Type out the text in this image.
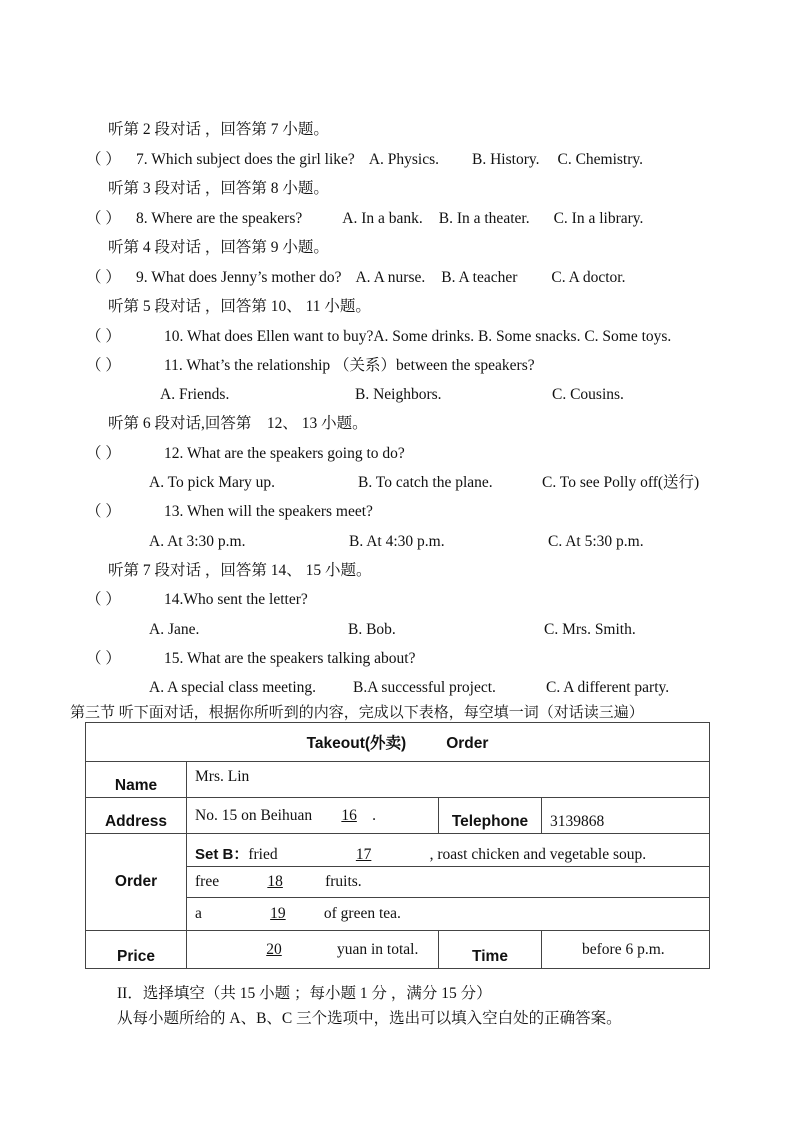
听第 2 段对话 ，回答第 7 小题。
（ ） 7. Which subject does the girl like? A. Physics. B. History. C. Chemistry.
听第 3 段对话 ，回答第 8 小题。
（ ） 8. Where are the speakers?	A. In a bank. B. In a theater. C. In a library.
听第 4 段对话 ，回答第 9 小题。
（ ） 9. What does Jenny’s mother do? A. A nurse. B. A teacher C. A doctor.
听第 5 段对话 ，回答第 10、 11 小题。
（ ）	10. What does Ellen want to buy?A. Some drinks. B. Some snacks. C. Some toys.
（ ）	11. What’s the relationship （关系）between the speakers?
A. Friends.	B. Neighbors.	C. Cousins.
听第 6 段对话,回答第　12、 13 小题。
（ ）	12. What are the speakers going to do?
A. To pick Mary up.	B. To catch the plane.	C. To see Polly off(送行)
（ ）	13. When will the speakers meet?
A. At 3:30 p.m.	B. At 4:30 p.m.	C. At 5:30 p.m.
听第 7 段对话 ，回答第 14、 15 小题。
（ ）	14.Who sent the letter?
A. Jane.	B. Bob.	C. Mrs. Smith.
（ ）	15. What are the speakers talking about?
A. A special class meeting. B.A successful project.	C. A different party.
第三节 听下面对话，根据你所听到的内容，完成以下表格，每空填一词（对话读三遍）
Takeout(外卖) Order			
Name	Mrs. Lin		
Address	No. 15 on Beihuan 16 .	Telephone	3139868
Order	Set B：fried 17 , roast chicken and vegetable soup.		
	free 18 fruits.		
	a 19 of green tea.		
Price	20 yuan in total.	Time	before 6 p.m.
II．选择填空（共 15 小题 ；每小题 1 分 ，满分 15 分）
从每小题所给的 A、B、C 三个选项中，选出可以填入空白处的正确答案。
